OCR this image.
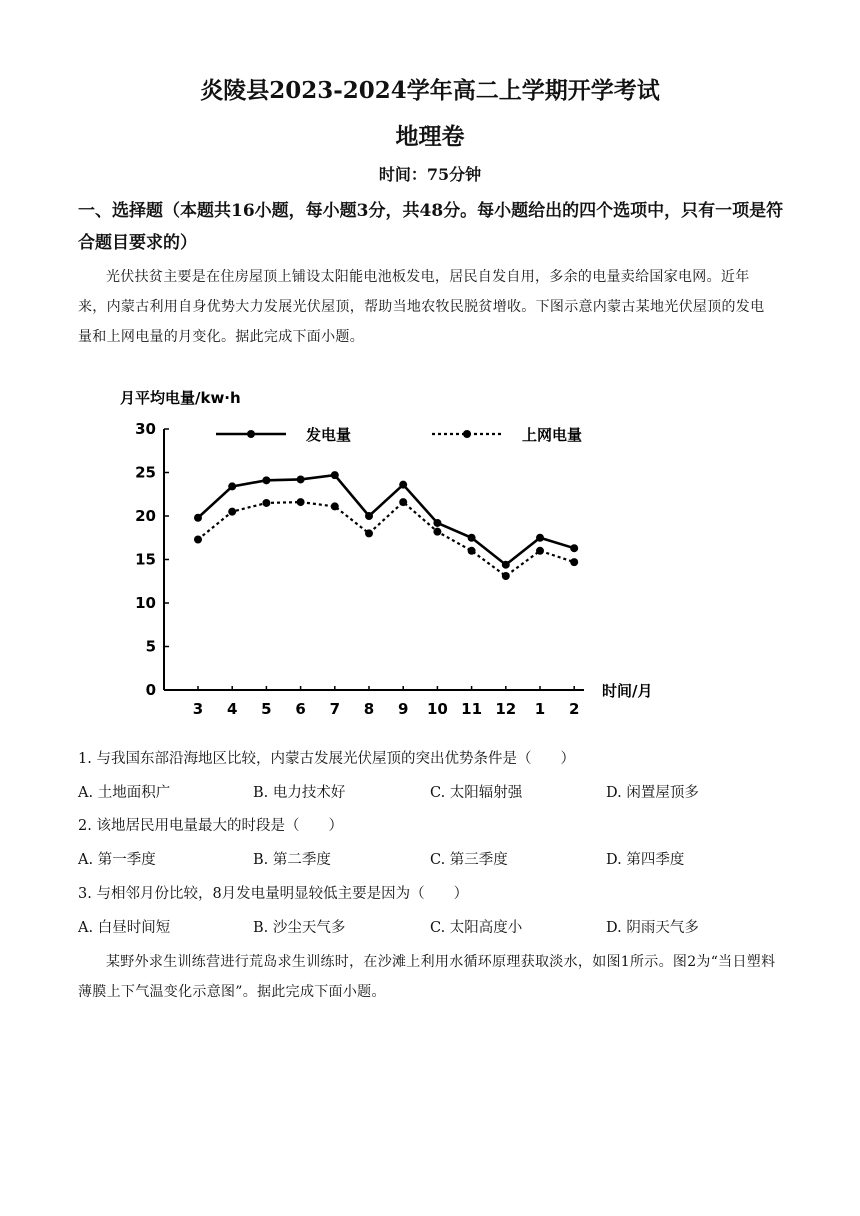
炎陵县2023-2024学年高二上学期开学考试
地理卷
时间：75分钟
一、选择题（本题共16小题，每小题3分，共48分。每小题给出的四个选项中，只有一项是符合题目要求的）
光伏扶贫主要是在住房屋顶上铺设太阳能电池板发电，居民自发自用，多余的电量卖给国家电网。近年来，内蒙古利用自身优势大力发展光伏屋顶，帮助当地农牧民脱贫增收。下图示意内蒙古某地光伏屋顶的发电量和上网电量的月变化。据此完成下面小题。
月平均电量/kw·h
时间/月
0
5
10
15
20
25
30
3 4 5 6 7 8 9 10 11 12 1 2
发电量	上网电量
1. 与我国东部沿海地区比较，内蒙古发展光伏屋顶的突出优势条件是（　　）
A. 土地面积广	B. 电力技术好	C. 太阳辐射强	D. 闲置屋顶多
2. 该地居民用电量最大的时段是（　　）
A. 第一季度	B. 第二季度	C. 第三季度	D. 第四季度
3. 与相邻月份比较，8月发电量明显较低主要是因为（　　）
A. 白昼时间短	B. 沙尘天气多	C. 太阳高度小	D. 阴雨天气多
某野外求生训练营进行荒岛求生训练时，在沙滩上利用水循环原理获取淡水，如图1所示。图2为“当日塑料薄膜上下气温变化示意图”。据此完成下面小题。
